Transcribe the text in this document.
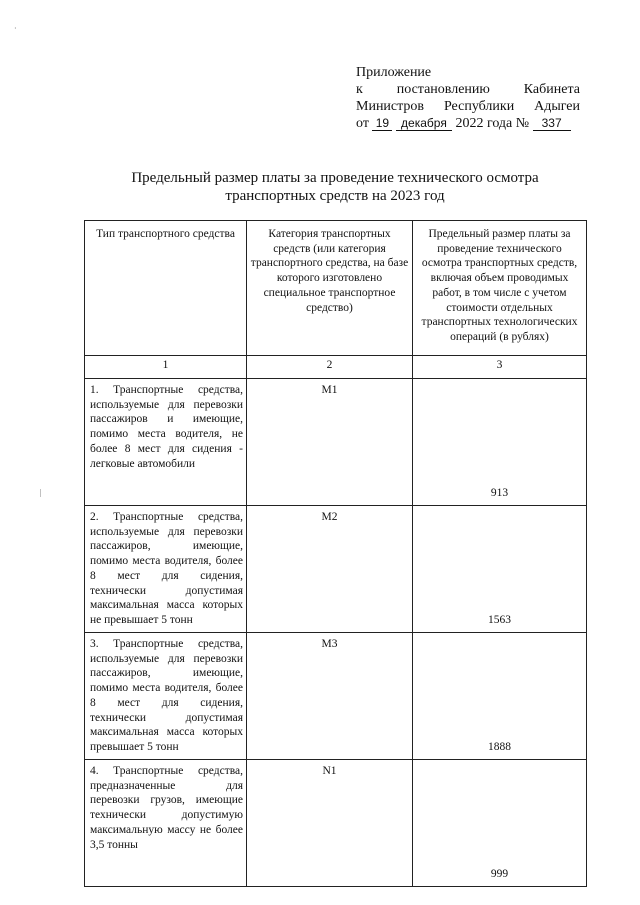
·
|
Приложение
к постановлению Кабинета
Министров Республики Адыгеи
от 19 декабря 2022 года № 337
Предельный размер платы за проведение технического осмотра
транспортных средств на 2023 год
Тип транспортного средства	Категория транспортных средств (или категория транспортного средства, на базе которого изготовлено специальное транспортное средство)	Предельный размер платы за проведение технического осмотра транспортных средств, включая объем проводимых работ, в том числе с учетом стоимости отдельных транспортных технологических операций (в рублях)
1	2	3
1. Транспортные средства, используемые для перевозки пассажиров и имеющие, помимо места водителя, не более 8 мест для сидения - легковые автомобили	M1	913

2. Транспортные средства, используемые для перевозки пассажиров, имеющие, помимо места водителя, более 8 мест для сидения, технически допустимая максимальная масса которых не превышает 5 тонн	M2	1563

3. Транспортные средства, используемые для перевозки пассажиров, имеющие, помимо места водителя, более 8 мест для сидения, технически допустимая максимальная масса которых превышает 5 тонн	M3	1888

4. Транспортные средства, предназначенные для перевозки грузов, имеющие технически допустимую максимальную массу не более 3,5 тонны	N1	999
